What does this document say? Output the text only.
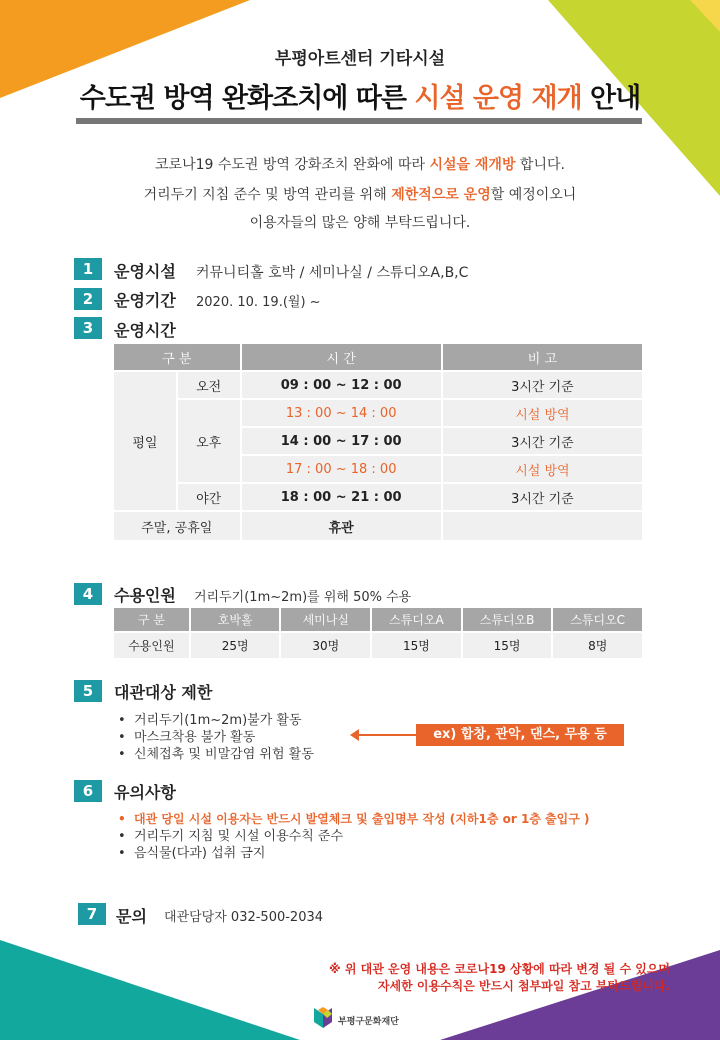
부평아트센터 기타시설
수도권 방역 완화조치에 따른 시설 운영 재개 안내
코로나19 수도권 방역 강화조치 완화에 따라 시설을 재개방 합니다.
거리두기 지침 준수 및 방역 관리를 위해 제한적으로 운영할 예정이오니
이용자들의 많은 양해 부탁드립니다.
1	운영시설 커뮤니티홀 호박 / 세미나실 / 스튜디오A,B,C
2	운영기간 2020. 10. 19.(월) ~
3	운영시간
구 분		시 간	비 고
평일	오전	09 : 00 ~ 12 : 00	3시간 기준
	오후	13 : 00 ~ 14 : 00	시설 방역
		14 : 00 ~ 17 : 00	3시간 기준
		17 : 00 ~ 18 : 00	시설 방역
	야간	18 : 00 ~ 21 : 00	3시간 기준
주말, 공휴일		휴관	
4	수용인원 거리두기(1m~2m)를 위해 50% 수용
구 분	호박홀	세미나실	스튜디오A	스튜디오B	스튜디오C
수용인원	25명	30명	15명	15명	8명
5	대관대상 제한
• 거리두기(1m~2m)불가 활동
• 마스크착용 불가 활동
• 신체접촉 및 비말감염 위험 활동
ex) 합창, 관악, 댄스, 무용 등
6	유의사항
• 대관 당일 시설 이용자는 반드시 발열체크 및 출입명부 작성 (지하1층 or 1층 출입구 )
• 거리두기 지침 및 시설 이용수칙 준수
• 음식물(다과) 섭취 금지
7	문의 대관담당자 032-500-2034
※ 위 대관 운영 내용은 코로나19 상황에 따라 변경 될 수 있으며
자세한 이용수칙은 반드시 첨부파일 참고 부탁드립니다.
부평구문화재단
